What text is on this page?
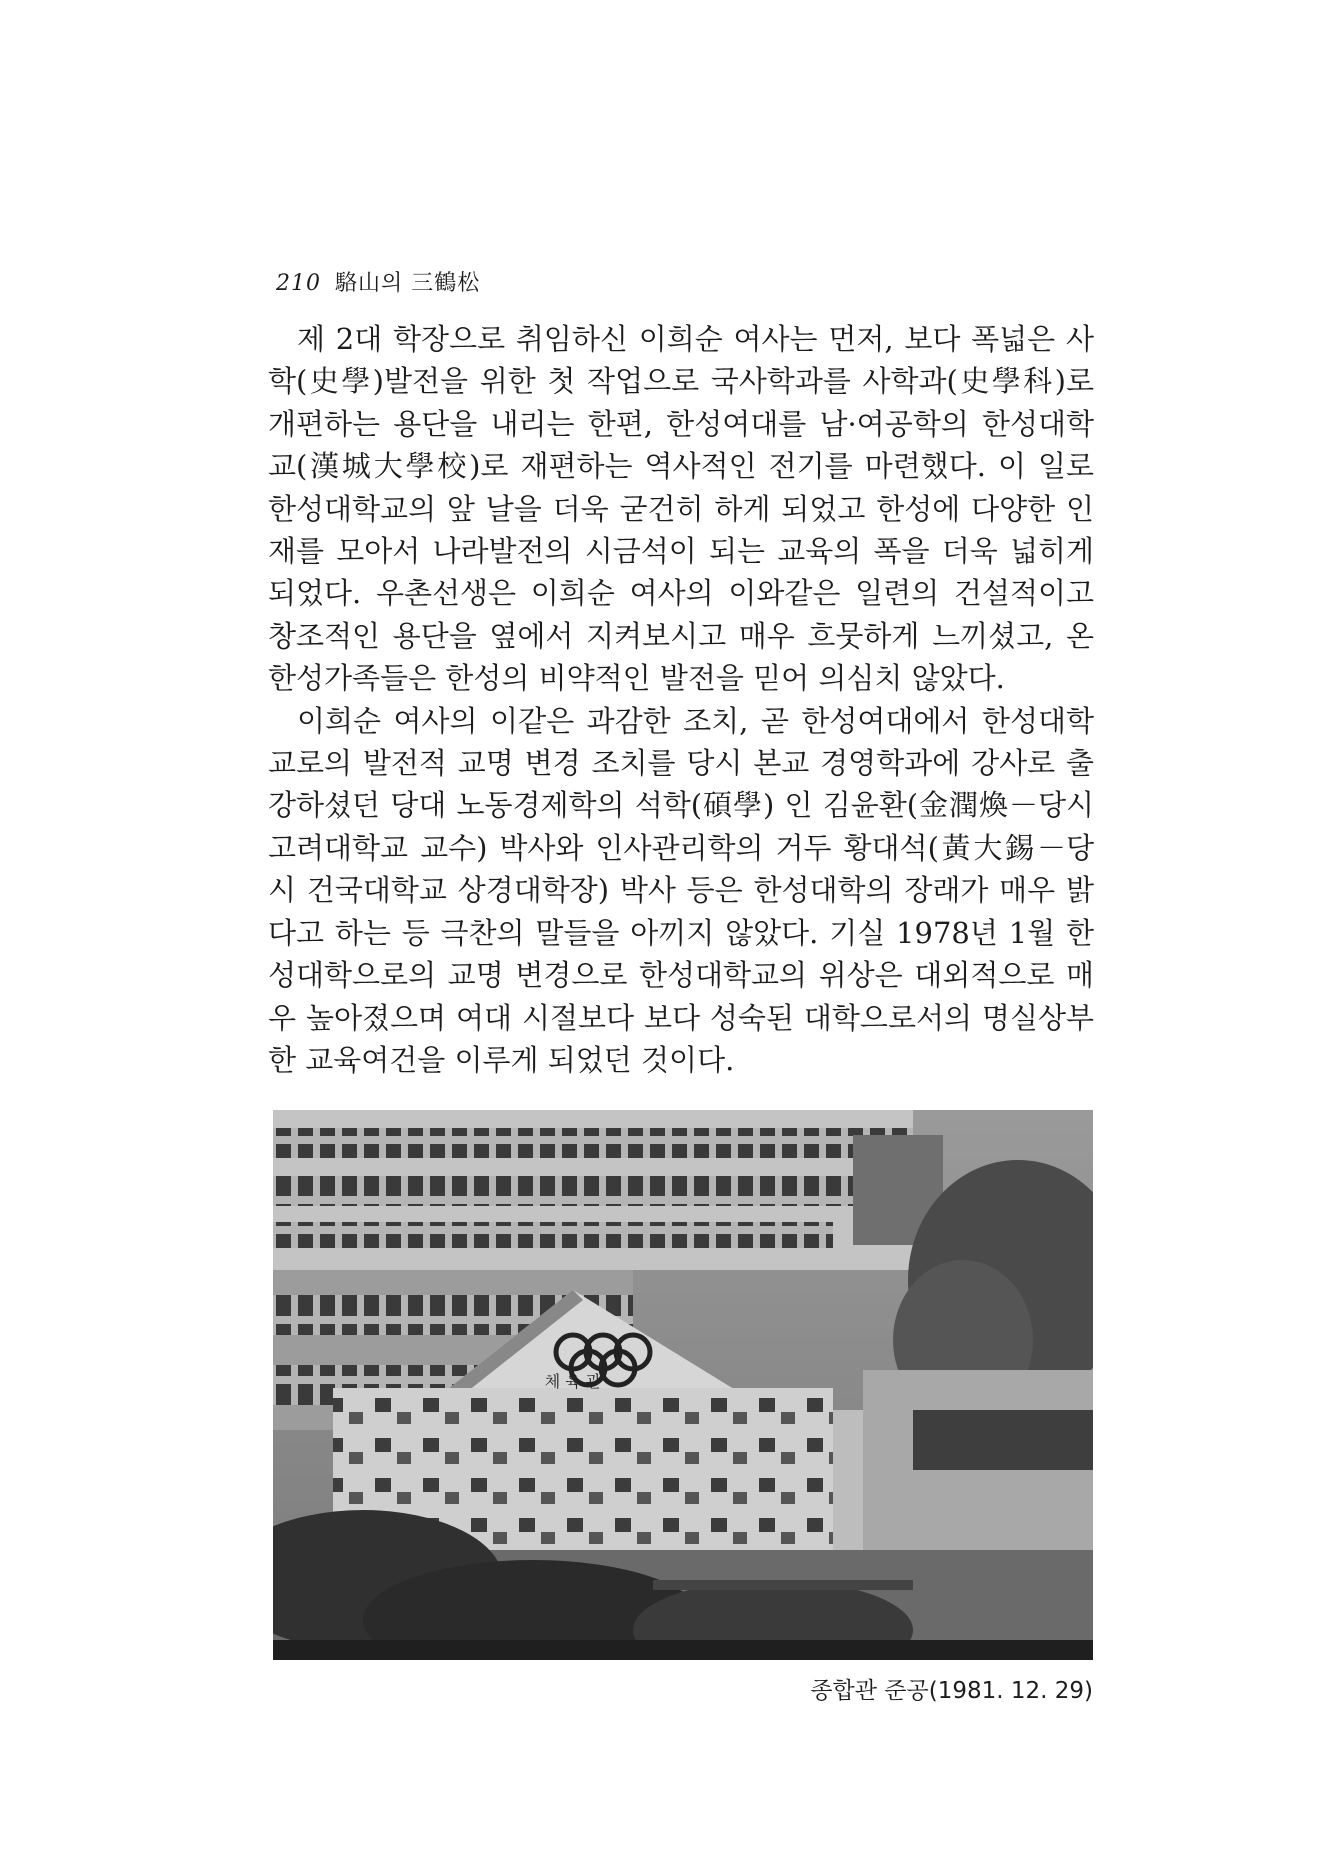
210 駱山의 三鶴松

제 2대 학장으로 취임하신 이희순 여사는 먼저, 보다 폭넓은 사학(史學)발전을 위한 첫 작업으로 국사학과를 사학과(史學科)로 개편하는 용단을 내리는 한편, 한성여대를 남·여공학의 한성대학교(漢城大學校)로 재편하는 역사적인 전기를 마련했다. 이 일로 한성대학교의 앞 날을 더욱 굳건히 하게 되었고 한성에 다양한 인재를 모아서 나라발전의 시금석이 되는 교육의 폭을 더욱 넓히게 되었다. 우촌선생은 이희순 여사의 이와같은 일련의 건설적이고 창조적인 용단을 옆에서 지켜보시고 매우 흐뭇하게 느끼셨고, 온 한성가족들은 한성의 비약적인 발전을 믿어 의심치 않았다.

이희순 여사의 이같은 과감한 조치, 곧 한성여대에서 한성대학교로의 발전적 교명 변경 조치를 당시 본교 경영학과에 강사로 출강하셨던 당대 노동경제학의 석학(碩學) 인 김윤환(金潤煥－당시 고려대학교 교수) 박사와 인사관리학의 거두 황대석(黃大錫－당시 건국대학교 상경대학장) 박사 등은 한성대학의 장래가 매우 밝다고 하는 등 극찬의 말들을 아끼지 않았다. 기실 1978년 1월 한성대학으로의 교명 변경으로 한성대학교의 위상은 대외적으로 매우 높아졌으며 여대 시절보다 보다 성숙된 대학으로서의 명실상부한 교육여건을 이루게 되었던 것이다.

체 육 관
종합관 준공(1981. 12. 29)
